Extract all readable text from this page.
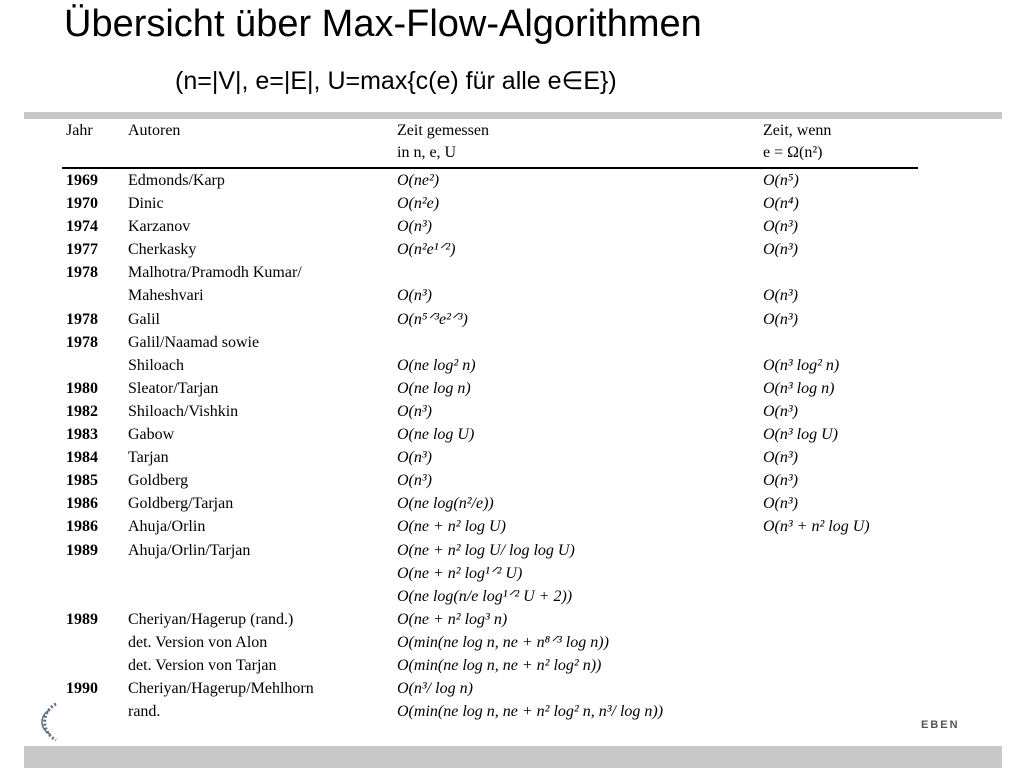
Übersicht über Max-Flow-Algorithmen
(n=|V|, e=|E|, U=max{c(e) für alle e∈E})
Jahr Autoren	Zeit gemessen	Zeit, wenn
in n, e, U	e = Ω(n²)
1969 Edmonds/Karp	O(ne²)	O(n⁵)
1970 Dinic	O(n²e)	O(n⁴)
1974 Karzanov	O(n³)	O(n³)
1977 Cherkasky	O(n²e¹ᐟ²)	O(n³)
1978 Malhotra/Pramodh Kumar/
Maheshvari	O(n³)	O(n³)
1978 Galil	O(n⁵ᐟ³e²ᐟ³)	O(n³)
1978 Galil/Naamad sowie
Shiloach	O(ne log² n)	O(n³ log² n)
1980 Sleator/Tarjan	O(ne log n)	O(n³ log n)
1982 Shiloach/Vishkin	O(n³)	O(n³)
1983 Gabow	O(ne log U)	O(n³ log U)
1984 Tarjan	O(n³)	O(n³)
1985 Goldberg	O(n³)	O(n³)
1986 Goldberg/Tarjan	O(ne log(n²/e))	O(n³)
1986 Ahuja/Orlin	O(ne + n² log U)	O(n³ + n² log U)
1989 Ahuja/Orlin/Tarjan	O(ne + n² log U/ log log U)
O(ne + n² log¹ᐟ² U)
O(ne log(n/e log¹ᐟ² U + 2))
1989 Cheriyan/Hagerup (rand.)	O(ne + n² log³ n)
det. Version von Alon	O(min(ne log n, ne + n⁸ᐟ³ log n))
det. Version von Tarjan	O(min(ne log n, ne + n² log² n))
1990 Cheriyan/Hagerup/Mehlhorn	O(n³/ log n)
rand.	O(min(ne log n, ne + n² log² n, n³/ log n))
EBEN
